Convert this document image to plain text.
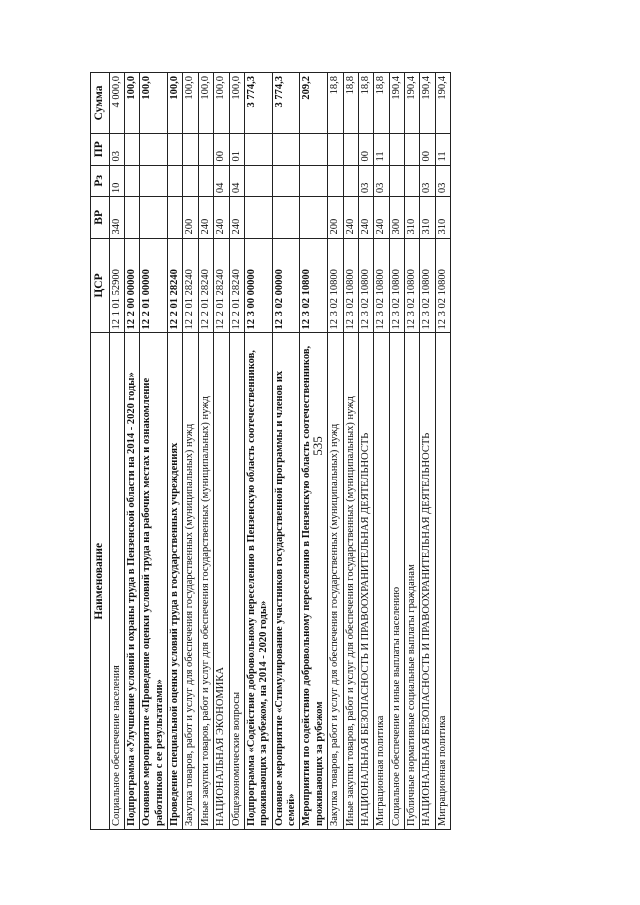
535
Наименование	ЦСР	ВР	Рз	ПР	Сумма
Социальное обеспечение населения	12 1 01 52900	340	10	03	4 000,0
Подпрограмма «Улучшение условий и охраны труда в Пензенской области на 2014 - 2020 годы»	12 2 00 00000				100,0
Основное мероприятие «Проведение оценки условий труда на рабочих местах и ознакомление работников с ее результатами»	12 2 01 00000				100,0
Проведение специальной оценки условий труда в государственных учреждениях	12 2 01 28240				100,0
Закупка товаров, работ и услуг для обеспечения государственных (муниципальных) нужд	12 2 01 28240	200			100,0
Иные закупки товаров, работ и услуг для обеспечения государственных (муниципальных) нужд	12 2 01 28240	240			100,0
НАЦИОНАЛЬНАЯ ЭКОНОМИКА	12 2 01 28240	240	04	00	100,0
Общеэкономические вопросы	12 2 01 28240	240	04	01	100,0
Подпрограмма «Содействие добровольному переселению в Пензенскую область соотечественников, проживающих за рубежом, на 2014 - 2020 годы»	12 3 00 00000				3 774,3
Основное мероприятие «Стимулирование участников государственной программы и членов их семей»	12 3 02 00000				3 774,3
Мероприятия по содействию добровольному переселению в Пензенскую область соотечественников, проживающих за рубежом	12 3 02 10800				209,2
Закупка товаров, работ и услуг для обеспечения государственных (муниципальных) нужд	12 3 02 10800	200			18,8
Иные закупки товаров, работ и услуг для обеспечения государственных (муниципальных) нужд	12 3 02 10800	240			18,8
НАЦИОНАЛЬНАЯ БЕЗОПАСНОСТЬ И ПРАВООХРАНИТЕЛЬНАЯ ДЕЯТЕЛЬНОСТЬ	12 3 02 10800	240	03	00	18,8
Миграционная политика	12 3 02 10800	240	03	11	18,8
Социальное обеспечение и иные выплаты населению	12 3 02 10800	300			190,4
Публичные нормативные социальные выплаты гражданам	12 3 02 10800	310			190,4
НАЦИОНАЛЬНАЯ БЕЗОПАСНОСТЬ И ПРАВООХРАНИТЕЛЬНАЯ ДЕЯТЕЛЬНОСТЬ	12 3 02 10800	310	03	00	190,4
Миграционная политика	12 3 02 10800	310	03	11	190,4
